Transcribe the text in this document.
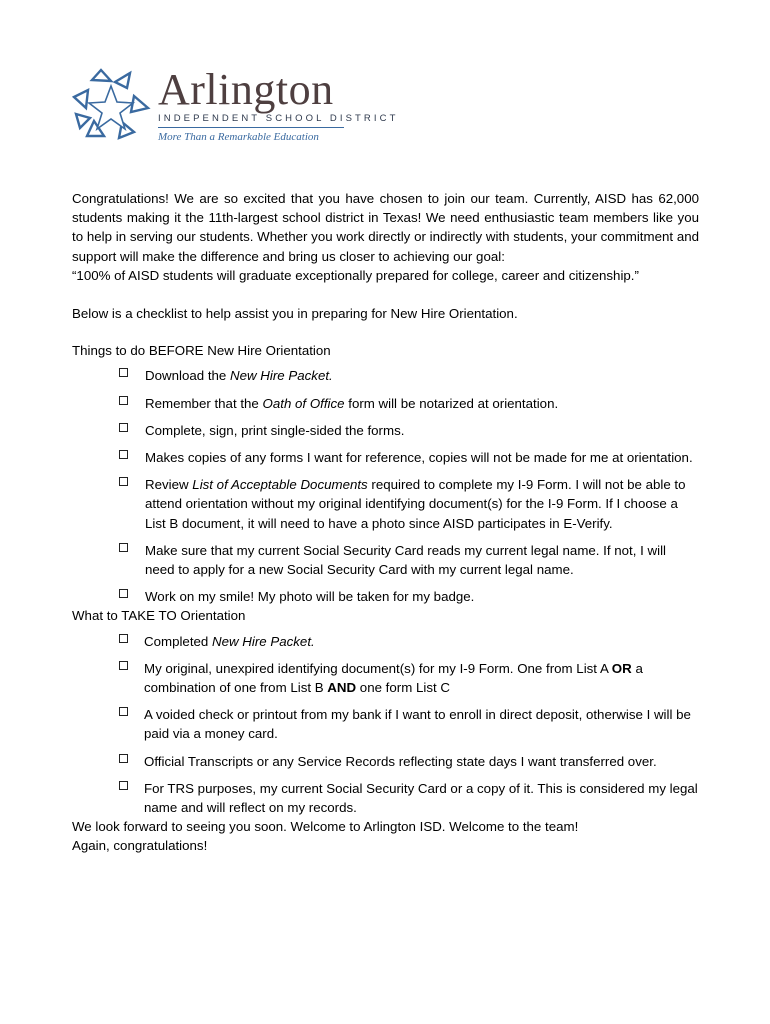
Arlington
INDEPENDENT SCHOOL DISTRICT
More Than a Remarkable Education

Congratulations! We are so excited that you have chosen to join our team. Currently, AISD has 62,000 students making it the 11th-largest school district in Texas! We need enthusiastic team members like you to help in serving our students. Whether you work directly or indirectly with students, your commitment and support will make the difference and bring us closer to achieving our goal:

“100% of AISD students will graduate exceptionally prepared for college, career and citizenship.”

Below is a checklist to help assist you in preparing for New Hire Orientation.

Things to do BEFORE New Hire Orientation

Download the New Hire Packet.
Remember that the Oath of Office form will be notarized at orientation.
Complete, sign, print single-sided the forms.
Makes copies of any forms I want for reference, copies will not be made for me at orientation.
Review List of Acceptable Documents required to complete my I-9 Form. I will not be able to attend orientation without my original identifying document(s) for the I-9 Form. If I choose a List B document, it will need to have a photo since AISD participates in E-Verify.
Make sure that my current Social Security Card reads my current legal name. If not, I will need to apply for a new Social Security Card with my current legal name.
Work on my smile! My photo will be taken for my badge.

What to TAKE TO Orientation

Completed New Hire Packet.
My original, unexpired identifying document(s) for my I-9 Form. One from List A OR a combination of one from List B AND one form List C
A voided check or printout from my bank if I want to enroll in direct deposit, otherwise I will be paid via a money card.
Official Transcripts or any Service Records reflecting state days I want transferred over.
For TRS purposes, my current Social Security Card or a copy of it. This is considered my legal name and will reflect on my records.

We look forward to seeing you soon. Welcome to Arlington ISD. Welcome to the team!

Again, congratulations!
